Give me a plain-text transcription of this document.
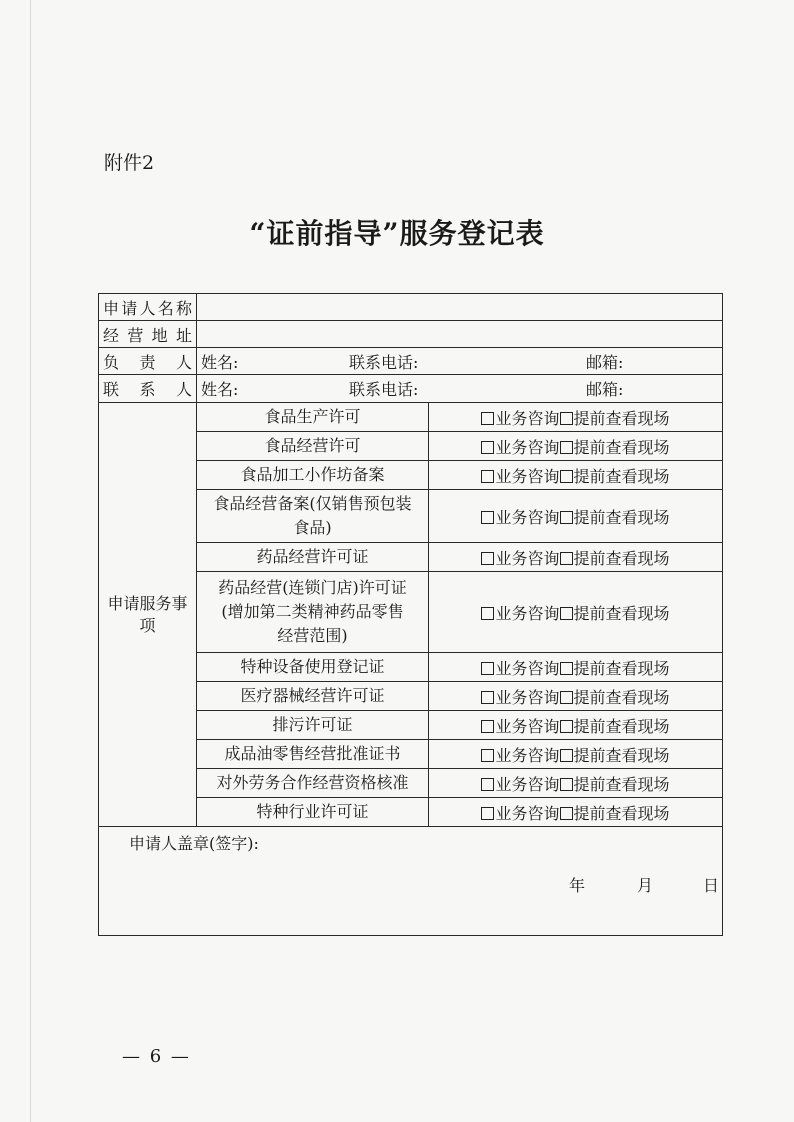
附件2
“证前指导”服务登记表
申请人名称		
经营地址		
负责人	姓名: 联系电话: 邮箱:	
联系人	姓名: 联系电话: 邮箱:	
申请服务事项	食品生产许可	业务咨询 提前查看现场

	食品经营许可	业务咨询 提前查看现场

	食品加工小作坊备案	业务咨询 提前查看现场

	食品经营备案(仅销售预包装
食品)	业务咨询 提前查看现场

	药品经营许可证	业务咨询 提前查看现场

	药品经营(连锁门店)许可证
(增加第二类精神药品零售
经营范围)	业务咨询 提前查看现场

	特种设备使用登记证	业务咨询 提前查看现场

	医疗器械经营许可证	业务咨询 提前查看现场

	排污许可证	业务咨询 提前查看现场

	成品油零售经营批准证书	业务咨询 提前查看现场

	对外劳务合作经营资格核准	业务咨询 提前查看现场

	特种行业许可证	业务咨询 提前查看现场

申请人盖章(签字):
年 月 日		
— 6 —
